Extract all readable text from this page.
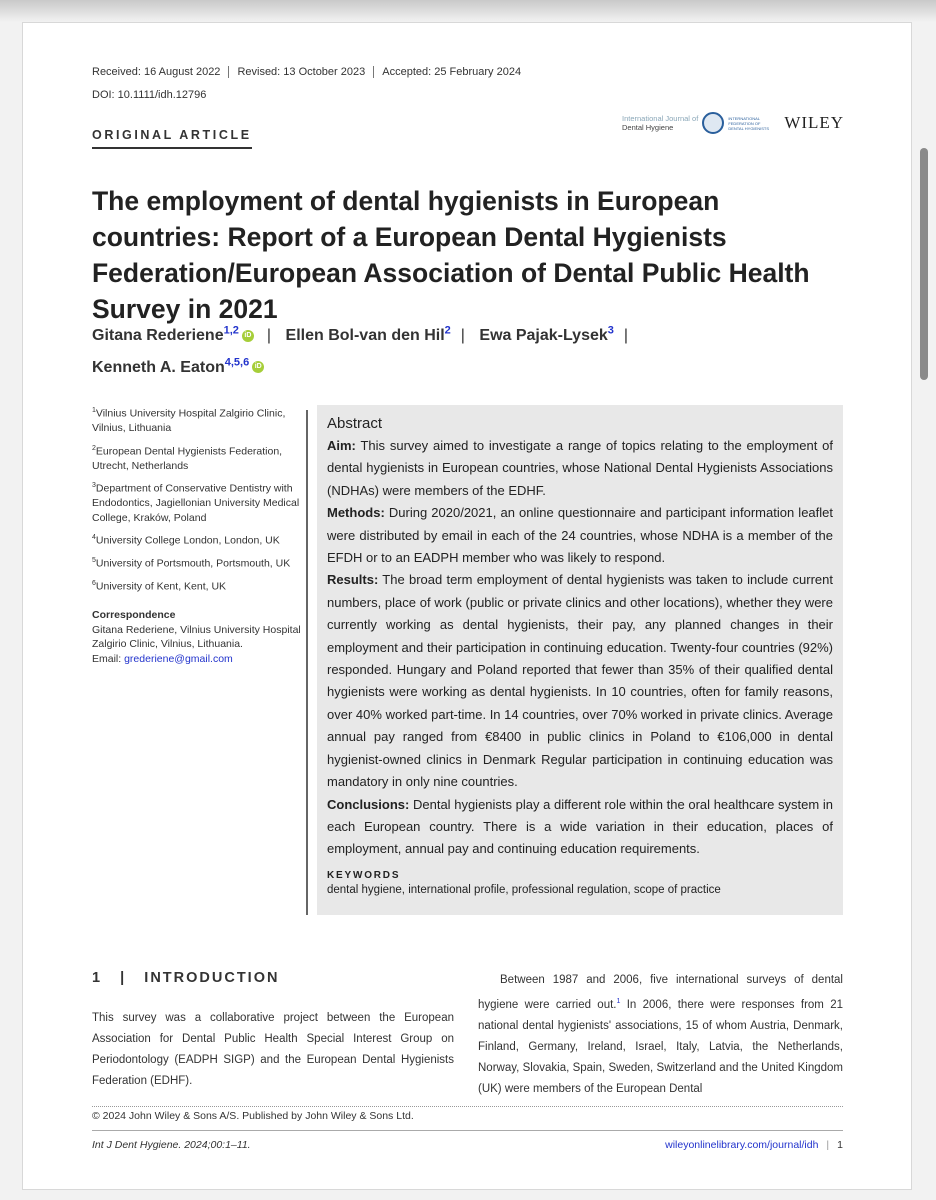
Received: 16 August 2022	Revised: 13 October 2023	Accepted: 25 February 2024
DOI: 10.1111/idh.12796
ORIGINAL ARTICLE
International Journal of
Dental Hygiene
INTERNATIONAL FEDERATION OF DENTAL HYGIENISTS WILEY
The employment of dental hygienists in European countries: Report of a European Dental Hygienists Federation/European Association of Dental Public Health Survey in 2021
Gitana Rederiene$^{1,2}$ iD | Ellen Bol-van den Hil$^2$ | Ewa Pajak-Lysek$^3$ |
Kenneth A. Eaton$^{4,5,6}$ iD

$^1$Vilnius University Hospital Zalgirio Clinic, Vilnius, Lithuania

$^2$European Dental Hygienists Federation, Utrecht, Netherlands

$^3$Department of Conservative Dentistry with Endodontics, Jagiellonian University Medical College, Kraków, Poland

$^4$University College London, London, UK

$^5$University of Portsmouth, Portsmouth, UK

$^6$University of Kent, Kent, UK

Correspondence
Gitana Rederiene, Vilnius University Hospital Zalgirio Clinic, Vilnius, Lithuania.
Email: grederiene@gmail.com
Abstract

Aim: This survey aimed to investigate a range of topics relating to the employment of dental hygienists in European countries, whose National Dental Hygienists Associations (NDHAs) were members of the EDHF.

Methods: During 2020/2021, an online questionnaire and participant information leaflet were distributed by email in each of the 24 countries, whose NDHA is a member of the EFDH or to an EADPH member who was likely to respond.

Results: The broad term employment of dental hygienists was taken to include current numbers, place of work (public or private clinics and other locations), whether they were currently working as dental hygienists, their pay, any planned changes in their employment and their participation in continuing education. Twenty-four countries (92%) responded. Hungary and Poland reported that fewer than 35% of their qualified dental hygienists were working as dental hygienists. In 10 countries, often for family reasons, over 40% worked part-time. In 14 countries, over 70% worked in private clinics. Average annual pay ranged from €8400 in public clinics in Poland to €106,000 in dental hygienist-owned clinics in Denmark Regular participation in continuing education was mandatory in only nine countries.

Conclusions: Dental hygienists play a different role within the oral healthcare system in each European country. There is a wide variation in their education, places of employment, annual pay and continuing education requirements.

KEYWORDS
dental hygiene, international profile, professional regulation, scope of practice
1   |   INTRODUCTION

This survey was a collaborative project between the European Association for Dental Public Health Special Interest Group on Periodontology (EADPH SIGP) and the European Dental Hygienists Federation (EDHF).

Between 1987 and 2006, five international surveys of dental hygiene were carried out.$^1$ In 2006, there were responses from 21 national dental hygienists' associations, 15 of whom Austria, Denmark, Finland, Germany, Ireland, Israel, Italy, Latvia, the Netherlands, Norway, Slovakia, Spain, Sweden, Switzerland and the United Kingdom (UK) were members of the European Dental

© 2024 John Wiley & Sons A/S. Published by John Wiley & Sons Ltd.
Int J Dent Hygiene. 2024;00:1–11.	wileyonlinelibrary.com/journal/idh | 1
